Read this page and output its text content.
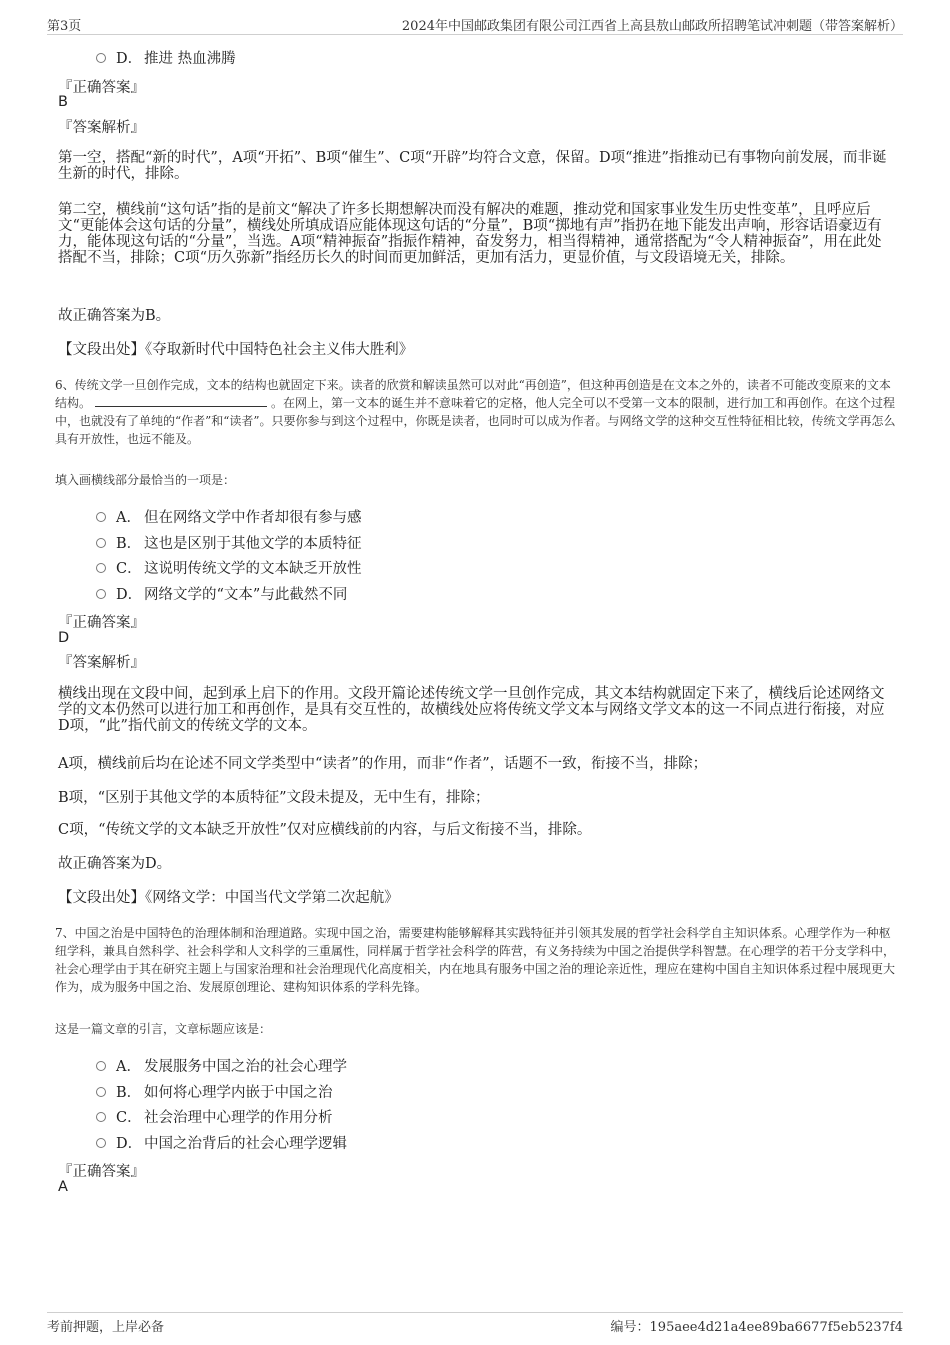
第3页	2024年中国邮政集团有限公司江西省上高县敖山邮政所招聘笔试冲刺题（带答案解析）
D． 推进 热血沸腾
『正确答案』
B
『答案解析』
第一空，搭配“新的时代”，A项“开拓”、B项“催生”、C项“开辟”均符合文意，保留。D项“推进”指推动已有事物向前发展，而非诞生新的时代，排除。
第二空，横线前“这句话”指的是前文“解决了许多长期想解决而没有解决的难题，推动党和国家事业发生历史性变革”，且呼应后文“更能体会这句话的分量”，横线处所填成语应能体现这句话的“分量”，B项“掷地有声”指扔在地下能发出声响，形容话语豪迈有力，能体现这句话的“分量”，当选。A项“精神振奋”指振作精神，奋发努力，相当得精神，通常搭配为“令人精神振奋”，用在此处搭配不当，排除；C项“历久弥新”指经历长久的时间而更加鲜活，更加有活力，更显价值，与文段语境无关，排除。
故正确答案为B。
【文段出处】《夺取新时代中国特色社会主义伟大胜利》
6、传统文学一旦创作完成，文本的结构也就固定下来。读者的欣赏和解读虽然可以对此“再创造”，但这种再创造是在文本之外的，读者不可能改变原来的文本结构。	。在网上，第一文本的诞生并不意味着它的定格，他人完全可以不受第一文本的限制，进行加工和再创作。在这个过程中，也就没有了单纯的“作者”和“读者”。只要你参与到这个过程中，你既是读者，也同时可以成为作者。与网络文学的这种交互性特征相比较，传统文学再怎么具有开放性，也远不能及。
填入画横线部分最恰当的一项是：
A． 但在网络文学中作者却很有参与感
B． 这也是区别于其他文学的本质特征
C． 这说明传统文学的文本缺乏开放性
D． 网络文学的“文本”与此截然不同
『正确答案』
D
『答案解析』
横线出现在文段中间，起到承上启下的作用。文段开篇论述传统文学一旦创作完成，其文本结构就固定下来了，横线后论述网络文学的文本仍然可以进行加工和再创作，是具有交互性的，故横线处应将传统文学文本与网络文学文本的这一不同点进行衔接，对应D项，“此”指代前文的传统文学的文本。
A项，横线前后均在论述不同文学类型中“读者”的作用，而非“作者”，话题不一致，衔接不当，排除；
B项，“区别于其他文学的本质特征”文段未提及，无中生有，排除；
C项，“传统文学的文本缺乏开放性”仅对应横线前的内容，与后文衔接不当，排除。
故正确答案为D。
【文段出处】《网络文学：中国当代文学第二次起航》
7、中国之治是中国特色的治理体制和治理道路。实现中国之治，需要建构能够解释其实践特征并引领其发展的哲学社会科学自主知识体系。心理学作为一种枢纽学科，兼具自然科学、社会科学和人文科学的三重属性，同样属于哲学社会科学的阵营，有义务持续为中国之治提供学科智慧。在心理学的若干分支学科中，社会心理学由于其在研究主题上与国家治理和社会治理现代化高度相关，内在地具有服务中国之治的理论亲近性，理应在建构中国自主知识体系过程中展现更大作为，成为服务中国之治、发展原创理论、建构知识体系的学科先锋。
这是一篇文章的引言，文章标题应该是：
A． 发展服务中国之治的社会心理学
B． 如何将心理学内嵌于中国之治
C． 社会治理中心理学的作用分析
D． 中国之治背后的社会心理学逻辑
『正确答案』
A
考前押题，上岸必备	编号：195aee4d21a4ee89ba6677f5eb5237f4
